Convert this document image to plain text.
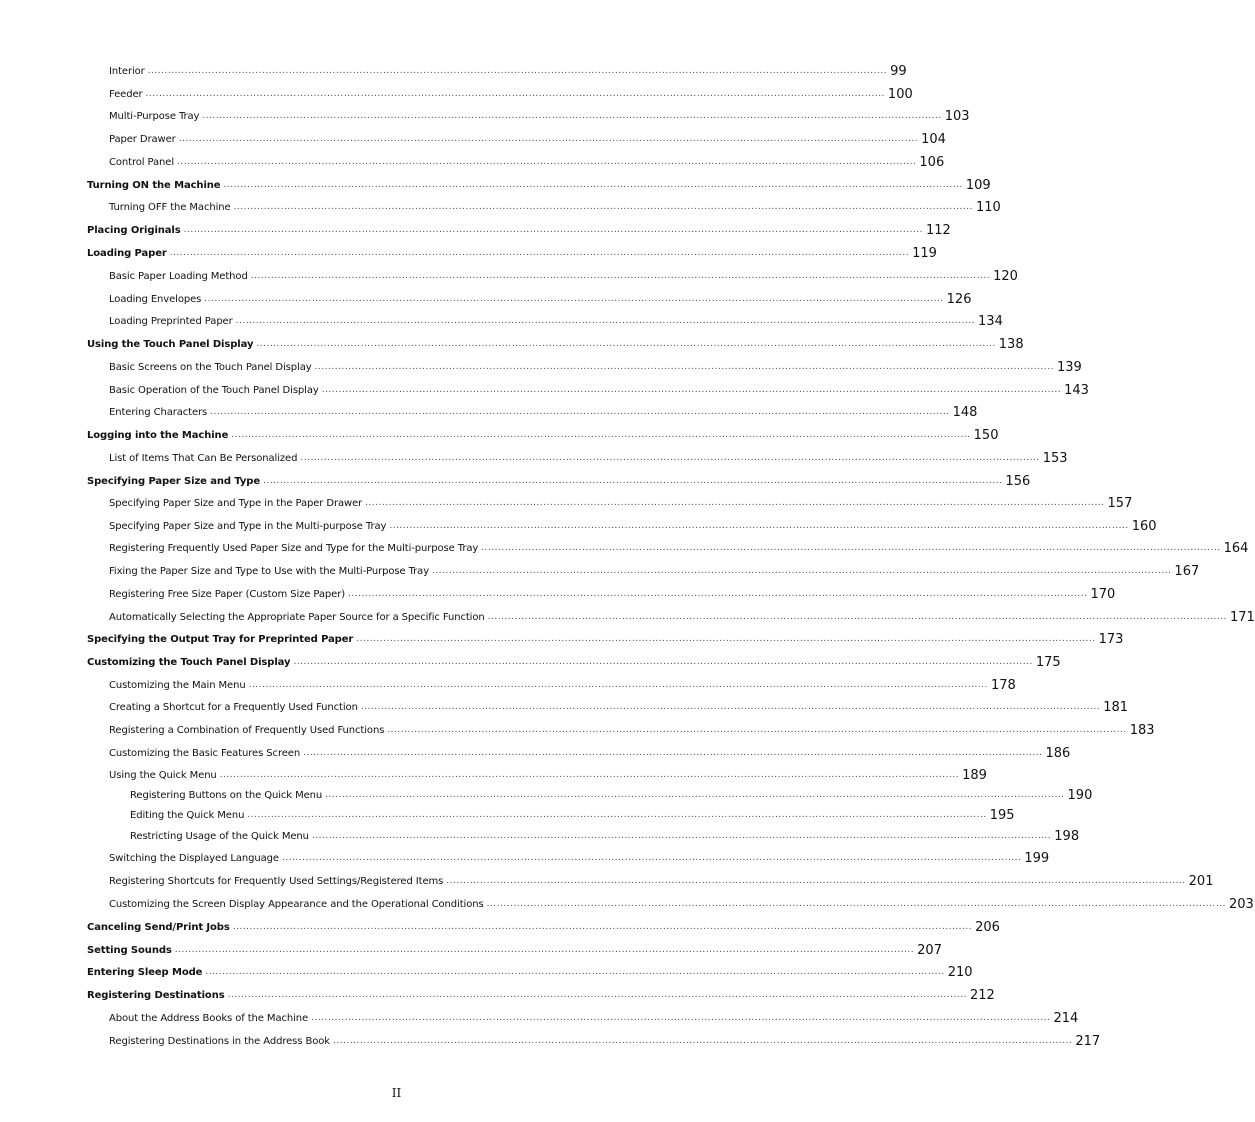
Interior ............................................................................................................................................................................................................................ 99
Feeder ............................................................................................................................................................................................................................ 100
Multi-Purpose Tray ............................................................................................................................................................................................................................ 103
Paper Drawer ............................................................................................................................................................................................................................ 104
Control Panel ............................................................................................................................................................................................................................ 106
Turning ON the Machine ............................................................................................................................................................................................................................ 109
Turning OFF the Machine ............................................................................................................................................................................................................................ 110
Placing Originals ............................................................................................................................................................................................................................ 112
Loading Paper ............................................................................................................................................................................................................................ 119
Basic Paper Loading Method ............................................................................................................................................................................................................................ 120
Loading Envelopes ............................................................................................................................................................................................................................ 126
Loading Preprinted Paper ............................................................................................................................................................................................................................ 134
Using the Touch Panel Display ............................................................................................................................................................................................................................ 138
Basic Screens on the Touch Panel Display ............................................................................................................................................................................................................................ 139
Basic Operation of the Touch Panel Display ............................................................................................................................................................................................................................ 143
Entering Characters ............................................................................................................................................................................................................................ 148
Logging into the Machine ............................................................................................................................................................................................................................ 150
List of Items That Can Be Personalized ............................................................................................................................................................................................................................ 153
Specifying Paper Size and Type ............................................................................................................................................................................................................................ 156
Specifying Paper Size and Type in the Paper Drawer ............................................................................................................................................................................................................................ 157
Specifying Paper Size and Type in the Multi-purpose Tray ............................................................................................................................................................................................................................ 160
Registering Frequently Used Paper Size and Type for the Multi-purpose Tray ............................................................................................................................................................................................................................ 164
Fixing the Paper Size and Type to Use with the Multi-Purpose Tray ............................................................................................................................................................................................................................ 167
Registering Free Size Paper (Custom Size Paper) ............................................................................................................................................................................................................................ 170
Automatically Selecting the Appropriate Paper Source for a Specific Function ............................................................................................................................................................................................................................ 171
Specifying the Output Tray for Preprinted Paper ............................................................................................................................................................................................................................ 173
Customizing the Touch Panel Display ............................................................................................................................................................................................................................ 175
Customizing the Main Menu ............................................................................................................................................................................................................................ 178
Creating a Shortcut for a Frequently Used Function ............................................................................................................................................................................................................................ 181
Registering a Combination of Frequently Used Functions ............................................................................................................................................................................................................................ 183
Customizing the Basic Features Screen ............................................................................................................................................................................................................................ 186
Using the Quick Menu ............................................................................................................................................................................................................................ 189
Registering Buttons on the Quick Menu ............................................................................................................................................................................................................................ 190
Editing the Quick Menu ............................................................................................................................................................................................................................ 195
Restricting Usage of the Quick Menu ............................................................................................................................................................................................................................ 198
Switching the Displayed Language ............................................................................................................................................................................................................................ 199
Registering Shortcuts for Frequently Used Settings/Registered Items ............................................................................................................................................................................................................................ 201
Customizing the Screen Display Appearance and the Operational Conditions ............................................................................................................................................................................................................................ 203
Canceling Send/Print Jobs ............................................................................................................................................................................................................................ 206
Setting Sounds ............................................................................................................................................................................................................................ 207
Entering Sleep Mode ............................................................................................................................................................................................................................ 210
Registering Destinations ............................................................................................................................................................................................................................ 212
About the Address Books of the Machine ............................................................................................................................................................................................................................ 214
Registering Destinations in the Address Book ............................................................................................................................................................................................................................ 217
II
